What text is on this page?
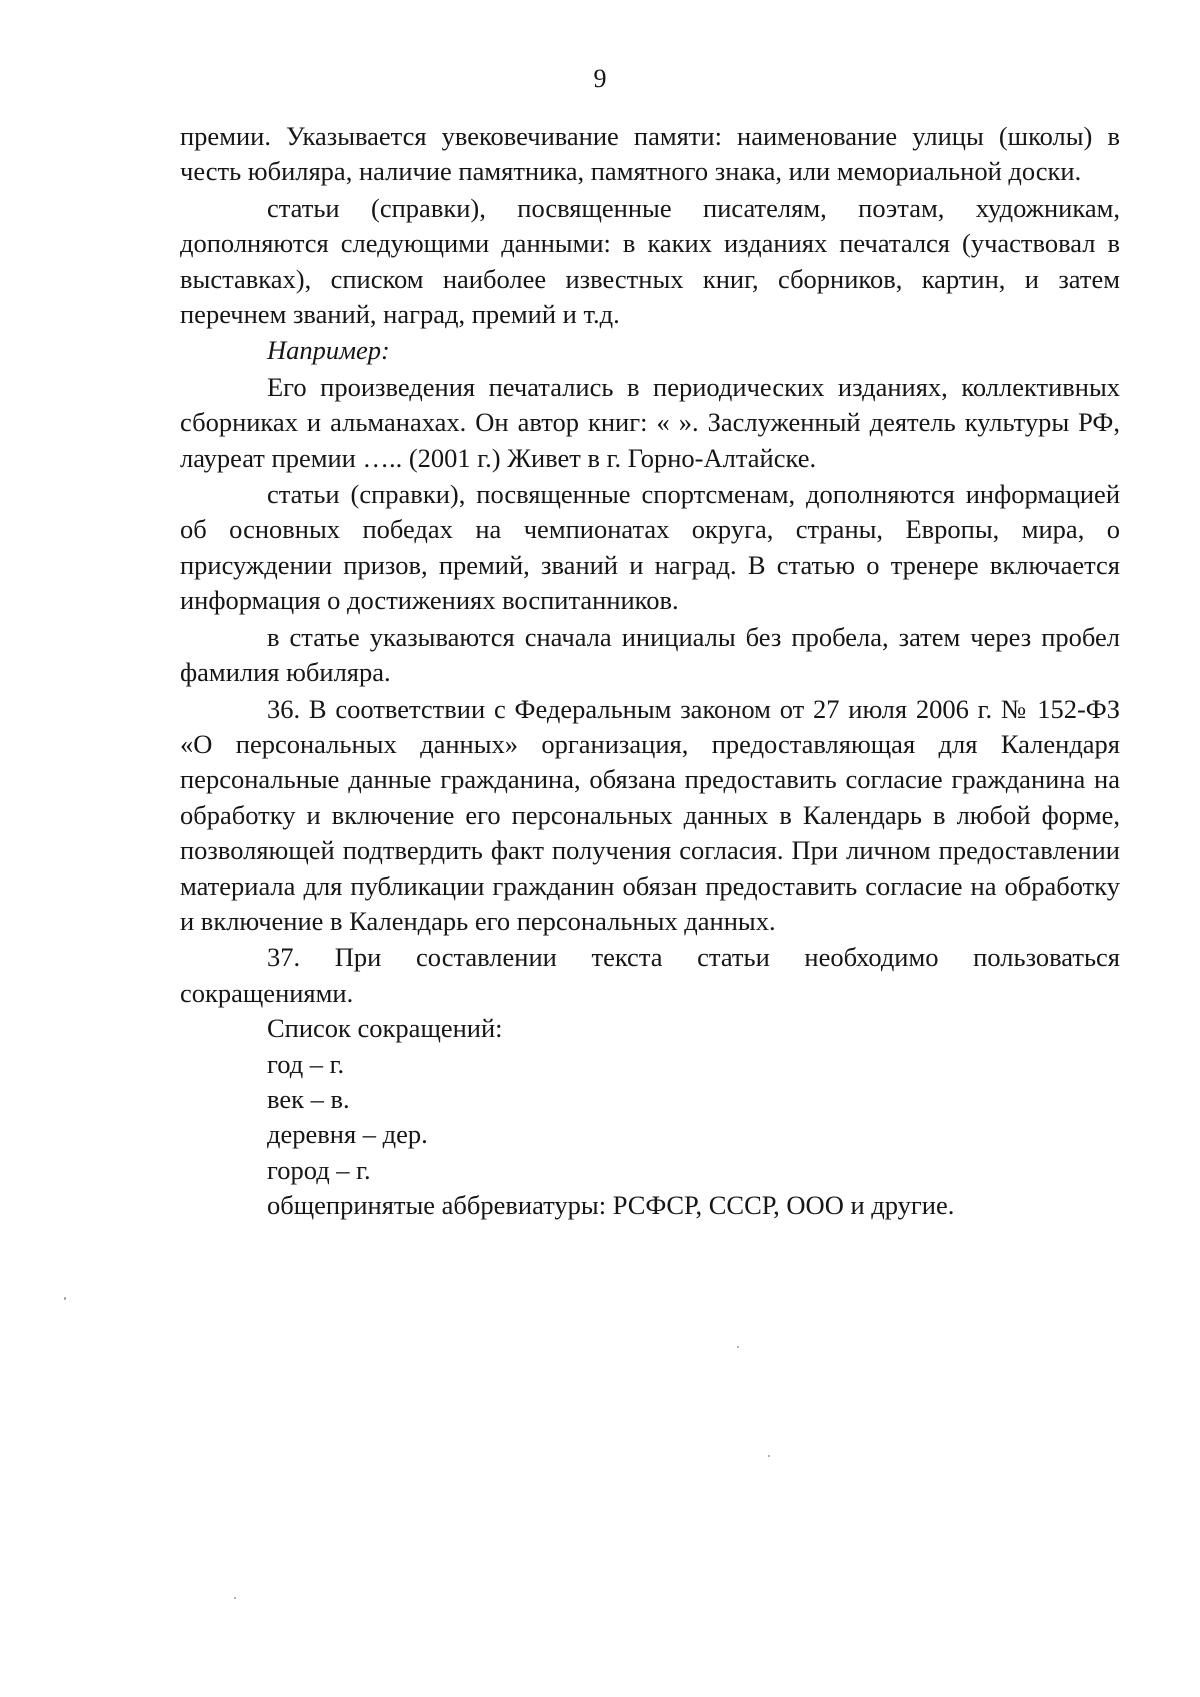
9

премии. Указывается увековечивание памяти: наименование улицы (школы) в честь юбиляра, наличие памятника, памятного знака, или мемориальной доски.

статьи (справки), посвященные писателям, поэтам, художникам, дополняются следующими данными: в каких изданиях печатался (участвовал в выставках), списком наиболее известных книг, сборников, картин, и затем перечнем званий, наград, премий и т.д.

Например:

Его произведения печатались в периодических изданиях, коллективных сборниках и альманахах. Он автор книг: « ». Заслуженный деятель культуры РФ, лауреат премии ….. (2001 г.) Живет в г. Горно-Алтайске.

статьи (справки), посвященные спортсменам, дополняются информацией об основных победах на чемпионатах округа, страны, Европы, мира, о присуждении призов, премий, званий и наград. В статью о тренере включается информация о достижениях воспитанников.

в статье указываются сначала инициалы без пробела, затем через пробел фамилия юбиляра.

36. В соответствии с Федеральным законом от 27 июля 2006 г. № 152-ФЗ «О персональных данных» организация, предоставляющая для Календаря персональные данные гражданина, обязана предоставить согласие гражданина на обработку и включение его персональных данных в Календарь в любой форме, позволяющей подтвердить факт получения согласия. При личном предоставлении материала для публикации гражданин обязан предоставить согласие на обработку и включение в Календарь его персональных данных.

37. При составлении текста статьи необходимо пользоваться сокращениями.

Список сокращений:

год – г.

век – в.

деревня – дер.

город – г.

общепринятые аббревиатуры: РСФСР, СССР, ООО и другие.
